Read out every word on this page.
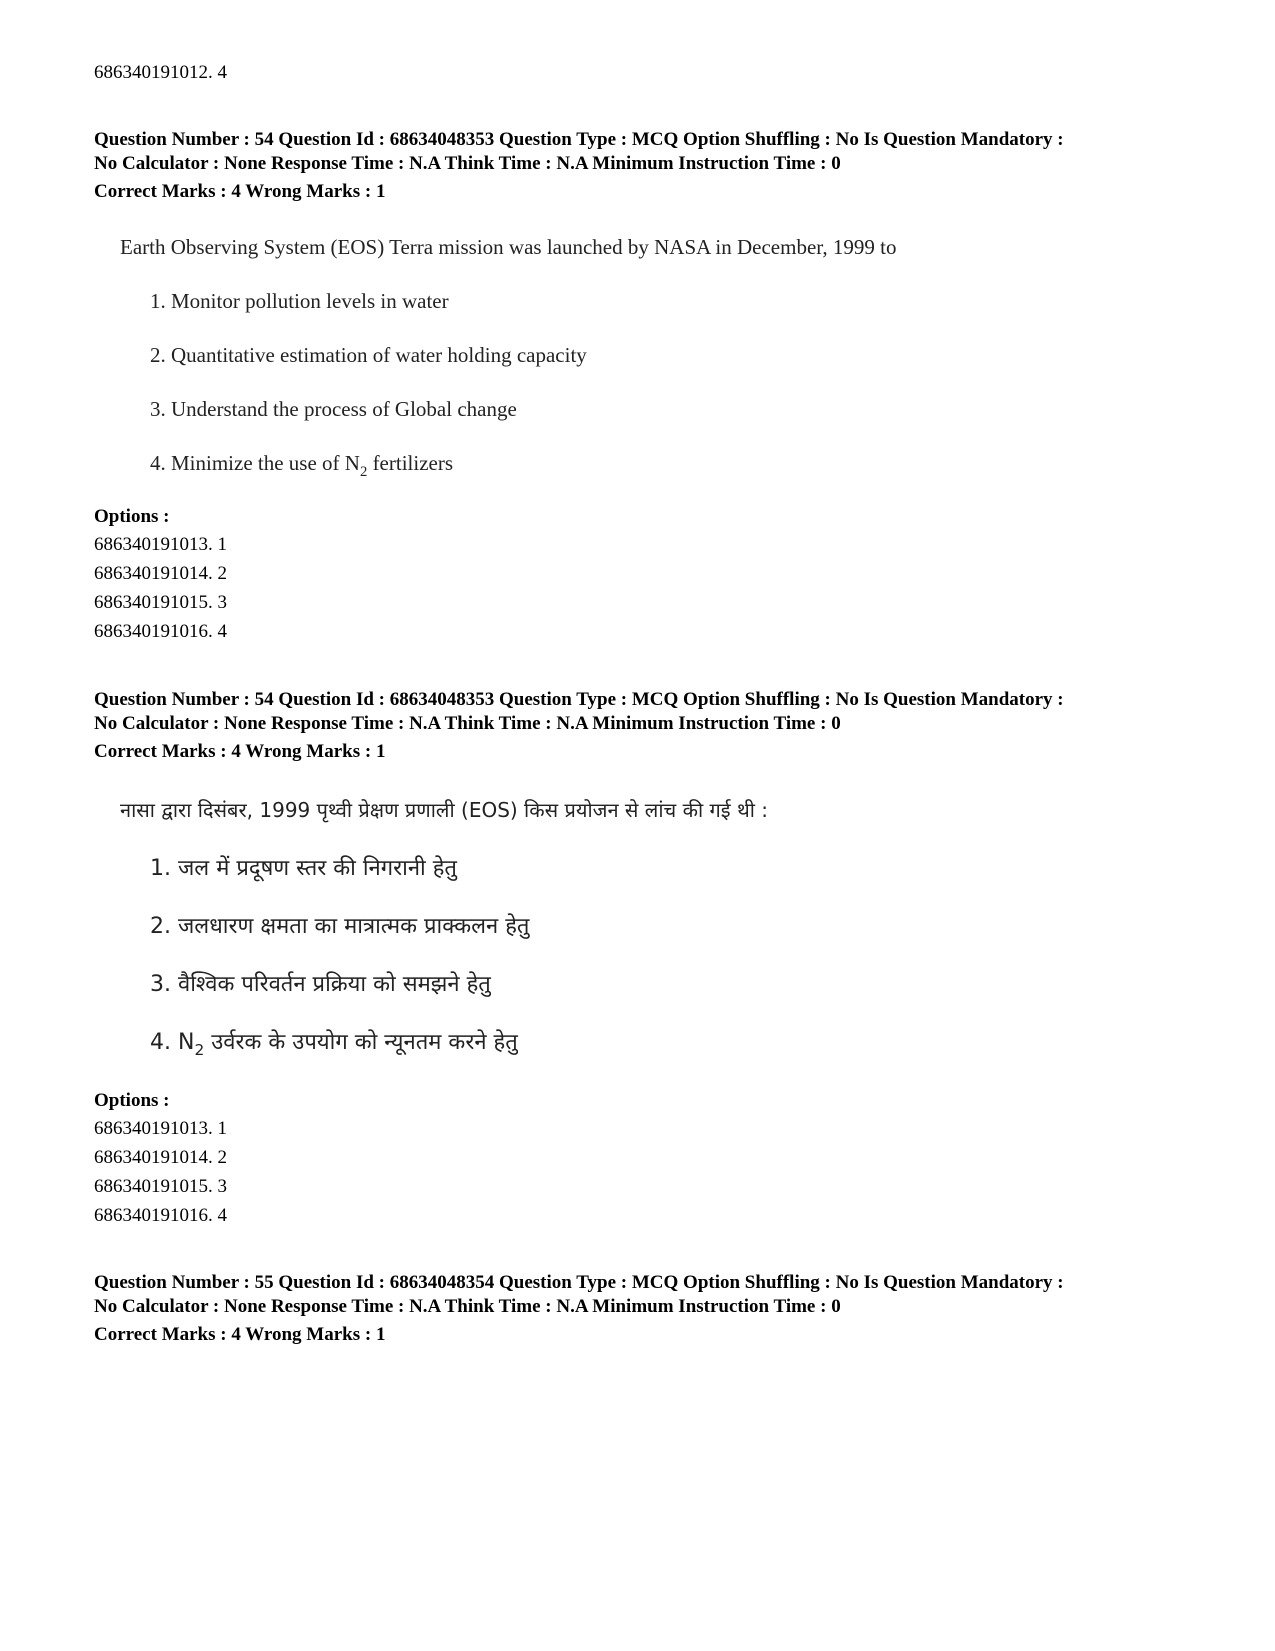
686340191012. 4
Question Number : 54 Question Id : 68634048353 Question Type : MCQ Option Shuffling : No Is Question Mandatory :
No Calculator : None Response Time : N.A Think Time : N.A Minimum Instruction Time : 0
Correct Marks : 4 Wrong Marks : 1
Earth Observing System (EOS) Terra mission was launched by NASA in December, 1999 to
1. Monitor pollution levels in water
2. Quantitative estimation of water holding capacity
3. Understand the process of Global change
4. Minimize the use of $N_2$ fertilizers
Options :
686340191013. 1
686340191014. 2
686340191015. 3
686340191016. 4
Question Number : 54 Question Id : 68634048353 Question Type : MCQ Option Shuffling : No Is Question Mandatory :
No Calculator : None Response Time : N.A Think Time : N.A Minimum Instruction Time : 0
Correct Marks : 4 Wrong Marks : 1
नासा द्वारा दिसंबर, 1999 पृथ्वी प्रेक्षण प्रणाली (EOS) किस प्रयोजन से लांच की गई थी :
1. जल में प्रदूषण स्तर की निगरानी हेतु
2. जलधारण क्षमता का मात्रात्मक प्राक्कलन हेतु
3. वैश्विक परिवर्तन प्रक्रिया को समझने हेतु
4. $N_2$ उर्वरक के उपयोग को न्यूनतम करने हेतु
Options :
686340191013. 1
686340191014. 2
686340191015. 3
686340191016. 4
Question Number : 55 Question Id : 68634048354 Question Type : MCQ Option Shuffling : No Is Question Mandatory :
No Calculator : None Response Time : N.A Think Time : N.A Minimum Instruction Time : 0
Correct Marks : 4 Wrong Marks : 1
